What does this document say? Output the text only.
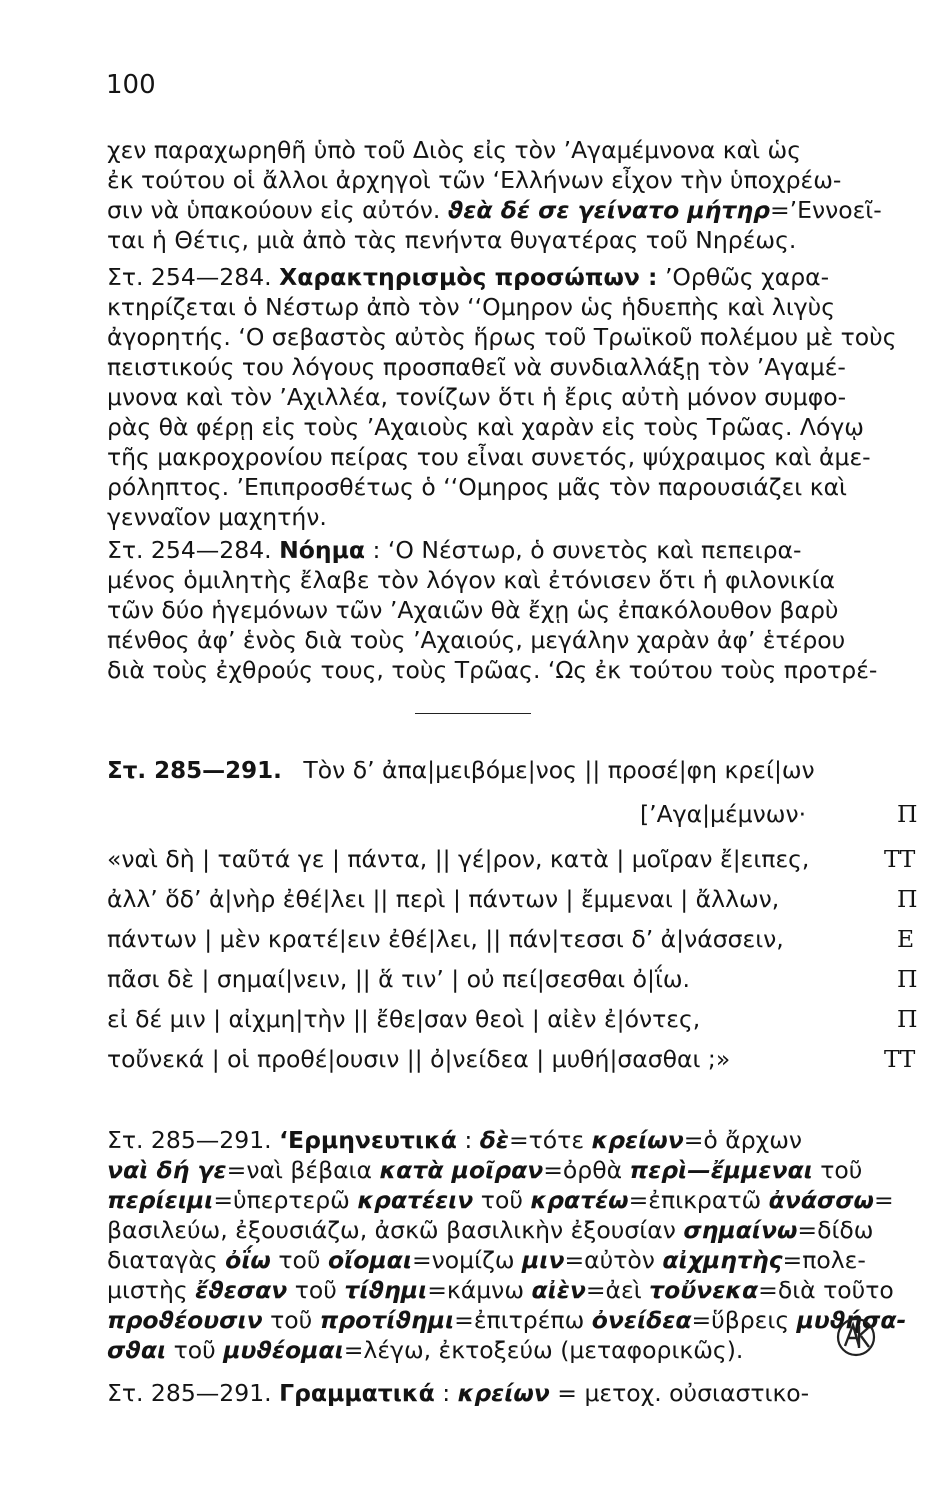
100
χεν παραχωρηθῆ ὑπὸ τοῦ Διὸς εἰς τὸν ’Αγαμέμνονα καὶ ὡς
ἐκ τούτου οἱ ἄλλοι ἀρχηγοὶ τῶν ‘Ελλήνων εἶχον τὴν ὑποχρέω-
σιν νὰ ὑπακούουν εἰς αὐτόν. ϑεὰ δέ σε γείνατο μήτηρ=’Εννοεῖ-
ται ἡ Θέτις, μιὰ ἀπὸ τὰς πενήντα θυγατέρας τοῦ Νηρέως.
Στ. 254—284. Χαρακτηρισμὸς προσώπων : ’Ορθῶς χαρα-
κτηρίζεται ὁ Νέστωρ ἀπὸ τὸν ‘‘Ομηρον ὡς ἡδυεπὴς καὶ λιγὺς
ἀγορητής. ‘Ο σεβαστὸς αὐτὸς ἥρως τοῦ Τρωϊκοῦ πολέμου μὲ τοὺς
πειστικούς του λόγους προσπαθεῖ νὰ συνδιαλλάξῃ τὸν ’Αγαμέ-
μνονα καὶ τὸν ’Αχιλλέα, τονίζων ὅτι ἡ ἔρις αὐτὴ μόνον συμφο-
ρὰς θὰ φέρῃ εἰς τοὺς ’Αχαιοὺς καὶ χαρὰν εἰς τοὺς Τρῶας. Λόγῳ
τῆς μακροχρονίου πείρας του εἶναι συνετός, ψύχραιμος καὶ ἀμε-
ρόληπτος. ’Επιπροσθέτως ὁ ‘‘Ομηρος μᾶς τὸν παρουσιάζει καὶ
γενναῖον μαχητήν.
Στ. 254—284. Νόημα : ‘Ο Νέστωρ, ὁ συνετὸς καὶ πεπειρα-
μένος ὁμιλητὴς ἔλαβε τὸν λόγον καὶ ἐτόνισεν ὅτι ἡ φιλονικία
τῶν δύο ἡγεμόνων τῶν ’Αχαιῶν θὰ ἔχῃ ὡς ἐπακόλουθον βαρὺ
πένθος ἀφ’ ἑνὸς διὰ τοὺς ’Αχαιούς, μεγάλην χαρὰν ἀφ’ ἑτέρου
διὰ τοὺς ἐχθρούς τους, τοὺς Τρῶας. ‘Ως ἐκ τούτου τοὺς προτρέ-
Στ. 285—291. Τὸν δ’ ἀπα|μειβόμε|νος || προσέ|φη κρεί|ων
[’Αγα|μέμνων·	Π
«ναὶ δὴ | ταῦτά γε | πάντα, || γέ|ρον, κατὰ | μοῖραν ἔ|ειπες,	ΤΤ
ἀλλ’ ὅδ’ ἀ|νὴρ ἐθέ|λει || περὶ | πάντων | ἔμμεναι | ἄλλων,	Π
πάντων | μὲν κρατέ|ειν ἐθέ|λει, || πάν|τεσσι δ’ ἀ|νάσσειν,	Ε
πᾶσι δὲ | σημαί|νειν, || ἅ τιν’ | οὐ πεί|σεσθαι ὀ|ΐω.	Π
εἰ δέ μιν | αἰχμη|τὴν || ἔθε|σαν θεοὶ | αἰὲν ἐ|όντες,	Π
τοὔνεκά | οἱ προθέ|ουσιν || ὀ|νείδεα | μυθή|σασθαι ;»	ΤΤ
Στ. 285—291. ‘Ερμηνευτικά : δὲ=τότε κρείων=ὁ ἄρχων
ναὶ δή γε=ναὶ βέβαια κατὰ μοῖραν=ὀρθὰ περὶ—ἔμμεναι τοῦ
περίειμι=ὑπερτερῶ κρατέειν τοῦ κρατέω=ἐπικρατῶ ἀνάσσω=
βασιλεύω, ἐξουσιάζω, ἀσκῶ βασιλικὴν ἐξουσίαν σημαίνω=δίδω
διαταγὰς ὀΐω τοῦ οἴομαι=νομίζω μιν=αὐτὸν αἰχμητὴς=πολε-
μιστὴς ἔϑεσαν τοῦ τίϑημι=κάμνω αἰὲν=ἀεὶ τοὔνεκα=διὰ τοῦτο
προϑέουσιν τοῦ προτίϑημι=ἐπιτρέπω ὀνείδεα=ὕβρεις μυϑήσα-
σϑαι τοῦ μυϑέομαι=λέγω, ἐκτοξεύω (μεταφορικῶς).
Στ. 285—291. Γραμματικά : κρείων = μετοχ. οὐσιαστικο-
